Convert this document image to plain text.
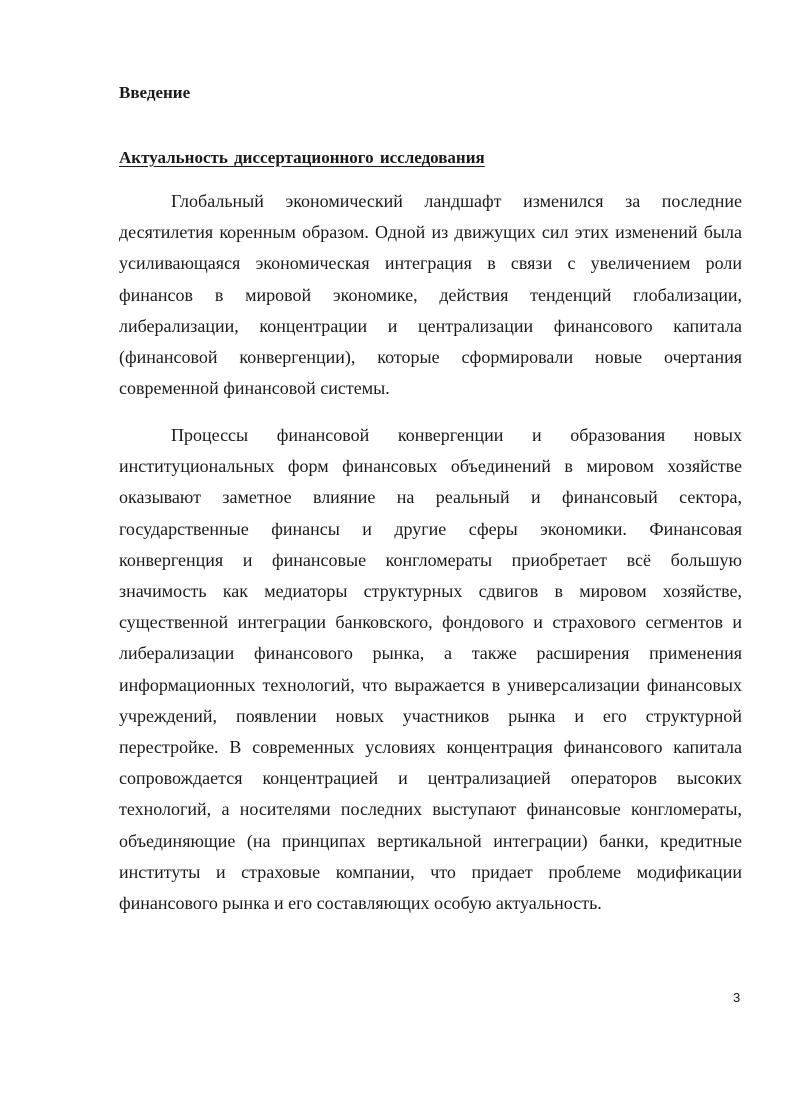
Введение
Актуальность диссертационного исследования

Глобальный экономический ландшафт изменился за последние десятилетия коренным образом. Одной из движущих сил этих изменений была усиливающаяся экономическая интеграция в связи с увеличением роли финансов в мировой экономике, действия тенденций глобализации, либерализации, концентрации и централизации финансового капитала (финансовой конвергенции), которые сформировали новые очертания современной финансовой системы.

Процессы финансовой конвергенции и образования новых институциональных форм финансовых объединений в мировом хозяйстве оказывают заметное влияние на реальный и финансовый сектора, государственные финансы и другие сферы экономики. Финансовая конвергенция и финансовые конгломераты приобретает всё большую значимость как медиаторы структурных сдвигов в мировом хозяйстве, существенной интеграции банковского, фондового и страхового сегментов и либерализации финансового рынка, а также расширения применения информационных технологий, что выражается в универсализации финансовых учреждений, появлении новых участников рынка и его структурной перестройке. В современных условиях концентрация финансового капитала сопровождается концентрацией и централизацией операторов высоких технологий, а носителями последних выступают финансовые конгломераты, объединяющие (на принципах вертикальной интеграции) банки, кредитные институты и страховые компании, что придает проблеме модификации финансового рынка и его составляющих особую актуальность.

3
